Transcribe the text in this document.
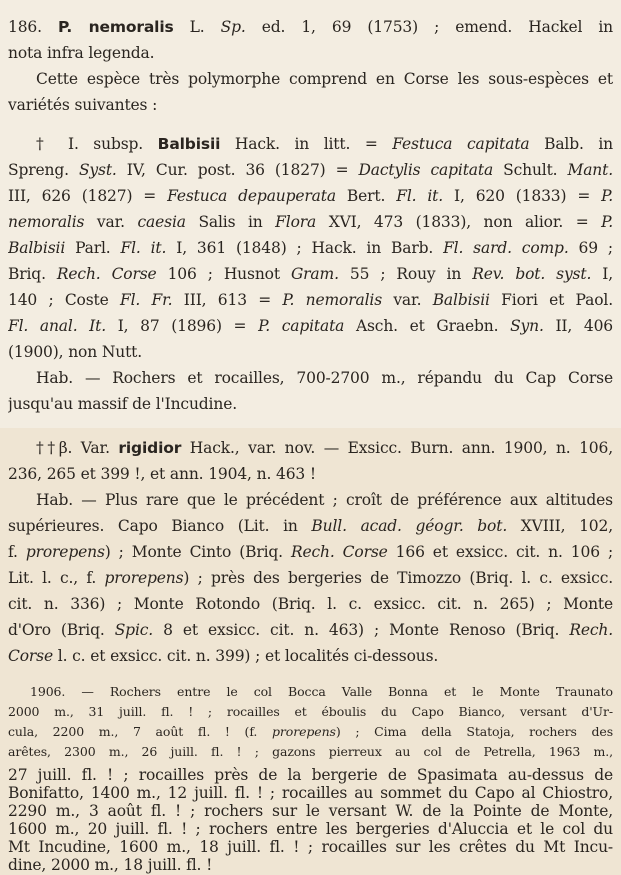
186. P. nemoralis L. Sp. ed. 1, 69 (1753) ; emend. Hackel in
nota infra legenda.
Cette espèce très polymorphe comprend en Corse les sous-espèces et
variétés suivantes :
† I. subsp. Balbisii Hack. in litt. = Festuca capitata Balb. in
Spreng. Syst. IV, Cur. post. 36 (1827) = Dactylis capitata Schult. Mant.
III, 626 (1827) = Festuca depauperata Bert. Fl. it. I, 620 (1833) = P.
nemoralis var. caesia Salis in Flora XVI, 473 (1833), non alior. = P.
Balbisii Parl. Fl. it. I, 361 (1848) ; Hack. in Barb. Fl. sard. comp. 69 ;
Briq. Rech. Corse 106 ; Husnot Gram. 55 ; Rouy in Rev. bot. syst. I,
140 ; Coste Fl. Fr. III, 613 = P. nemoralis var. Balbisii Fiori et Paol.
Fl. anal. It. I, 87 (1896) = P. capitata Asch. et Graebn. Syn. II, 406
(1900), non Nutt.
Hab. — Rochers et rocailles, 700-2700 m., répandu du Cap Corse
jusqu'au massif de l'Incudine.
††β. Var. rigidior Hack., var. nov. — Exsicc. Burn. ann. 1900, n. 106,
236, 265 et 399 !, et ann. 1904, n. 463 !
Hab. — Plus rare que le précédent ; croît de préférence aux altitudes
supérieures. Capo Bianco (Lit. in Bull. acad. géogr. bot. XVIII, 102,
f. prorepens) ; Monte Cinto (Briq. Rech. Corse 166 et exsicc. cit. n. 106 ;
Lit. l. c., f. prorepens) ; près des bergeries de Timozzo (Briq. l. c. exsicc.
cit. n. 336) ; Monte Rotondo (Briq. l. c. exsicc. cit. n. 265) ; Monte
d'Oro (Briq. Spic. 8 et exsicc. cit. n. 463) ; Monte Renoso (Briq. Rech.
Corse l. c. et exsicc. cit. n. 399) ; et localités ci-dessous.
1906. — Rochers entre le col Bocca Valle Bonna et le Monte Traunato
2000 m., 31 juill. fl. ! ; rocailles et éboulis du Capo Bianco, versant d'Ur-
cula, 2200 m., 7 août fl. ! (f. prorepens) ; Cima della Statoja, rochers des
arêtes, 2300 m., 26 juill. fl. ! ; gazons pierreux au col de Petrella, 1963 m.,
27 juill. fl. ! ; rocailles près de la bergerie de Spasimata au-dessus de
Bonifatto, 1400 m., 12 juill. fl. ! ; rocailles au sommet du Capo al Chiostro,
2290 m., 3 août fl. ! ; rochers sur le versant W. de la Pointe de Monte,
1600 m., 20 juill. fl. ! ; rochers entre les bergeries d'Aluccia et le col du
Mt Incudine, 1600 m., 18 juill. fl. ! ; rocailles sur les crêtes du Mt Incu-
dine, 2000 m., 18 juill. fl. !
